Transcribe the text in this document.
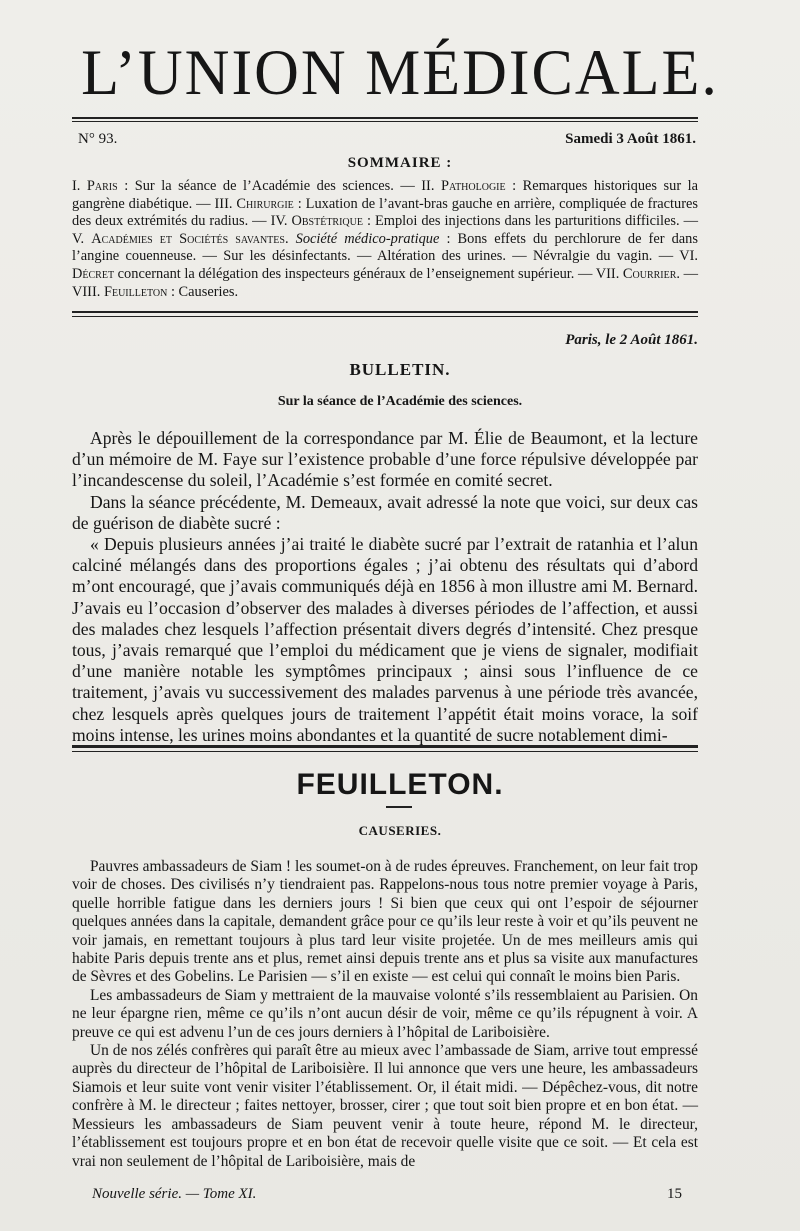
L’UNION MÉDICALE.
N° 93.	Samedi 3 Août 1861.
SOMMAIRE :
I. Paris : Sur la séance de l’Académie des sciences. — II. Pathologie : Remarques historiques sur la gangrène diabétique. — III. Chirurgie : Luxation de l’avant-bras gauche en arrière, compliquée de fractures des deux extrémités du radius. — IV. Obstétrique : Emploi des injections dans les parturitions difficiles. — V. Académies et Sociétés savantes. Société médico-pratique : Bons effets du perchlorure de fer dans l’angine couenneuse. — Sur les désinfectants. — Altération des urines. — Névralgie du vagin. — VI. Décret concernant la délégation des inspecteurs généraux de l’enseignement supérieur. — VII. Courrier. — VIII. Feuilleton : Causeries.
Paris, le 2 Août 1861.
BULLETIN.
Sur la séance de l’Académie des sciences.

Après le dépouillement de la correspondance par M. Élie de Beaumont, et la lecture d’un mémoire de M. Faye sur l’existence probable d’une force répulsive développée par l’incandescense du soleil, l’Académie s’est formée en comité secret.

Dans la séance précédente, M. Demeaux, avait adressé la note que voici, sur deux cas de guérison de diabète sucré :

« Depuis plusieurs années j’ai traité le diabète sucré par l’extrait de ratanhia et l’alun calciné mélangés dans des proportions égales ; j’ai obtenu des résultats qui d’abord m’ont encouragé, que j’avais communiqués déjà en 1856 à mon illustre ami M. Bernard. J’avais eu l’occasion d’observer des malades à diverses périodes de l’affection, et aussi des malades chez lesquels l’affection présentait divers degrés d’intensité. Chez presque tous, j’avais remarqué que l’emploi du médicament que je viens de signaler, modifiait d’une manière notable les symptômes principaux ; ainsi sous l’influence de ce traitement, j’avais vu successivement des malades parvenus à une période très avancée, chez lesquels après quelques jours de traitement l’appétit était moins vorace, la soif moins intense, les urines moins abondantes et la quantité de sucre notablement dimi-

FEUILLETON.
CAUSERIES.

Pauvres ambassadeurs de Siam ! les soumet-on à de rudes épreuves. Franchement, on leur fait trop voir de choses. Des civilisés n’y tiendraient pas. Rappelons-nous tous notre premier voyage à Paris, quelle horrible fatigue dans les derniers jours ! Si bien que ceux qui ont l’espoir de séjourner quelques années dans la capitale, demandent grâce pour ce qu’ils leur reste à voir et qu’ils peuvent ne voir jamais, en remettant toujours à plus tard leur visite projetée. Un de mes meilleurs amis qui habite Paris depuis trente ans et plus, remet ainsi depuis trente ans et plus sa visite aux manufactures de Sèvres et des Gobelins. Le Parisien — s’il en existe — est celui qui connaît le moins bien Paris.

Les ambassadeurs de Siam y mettraient de la mauvaise volonté s’ils ressemblaient au Parisien. On ne leur épargne rien, même ce qu’ils n’ont aucun désir de voir, même ce qu’ils répugnent à voir. A preuve ce qui est advenu l’un de ces jours derniers à l’hôpital de Lariboisière.

Un de nos zélés confrères qui paraît être au mieux avec l’ambassade de Siam, arrive tout empressé auprès du directeur de l’hôpital de Lariboisière. Il lui annonce que vers une heure, les ambassadeurs Siamois et leur suite vont venir visiter l’établissement. Or, il était midi. — Dépêchez-vous, dit notre confrère à M. le directeur ; faites nettoyer, brosser, cirer ; que tout soit bien propre et en bon état. — Messieurs les ambassadeurs de Siam peuvent venir à toute heure, répond M. le directeur, l’établissement est toujours propre et en bon état de recevoir quelle visite que ce soit. — Et cela est vrai non seulement de l’hôpital de Lariboisière, mais de

Nouvelle série. — Tome XI.	15
